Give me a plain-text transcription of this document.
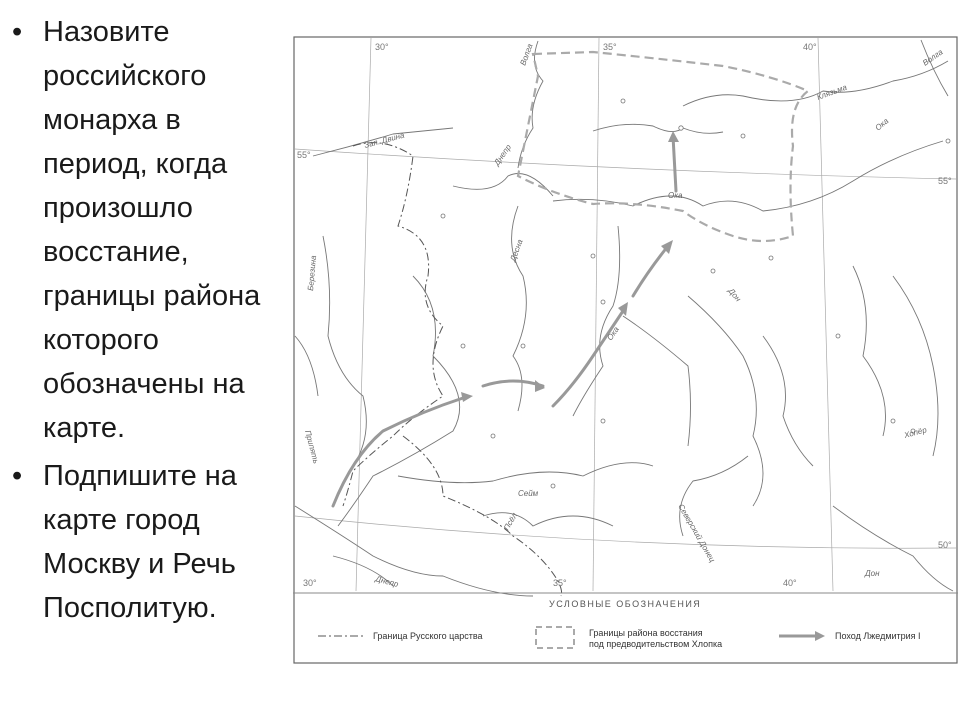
• Назовите российского монарха в период, когда произошло восстание, границы района которого обозначены на карте.
• Подпишите на карте город Москву и Речь Посполитую.
30°	35°	40°
30°	35°	40°
55°
55°
50°
Волга	Волга
Клязьма
Ока
Ока
Ока
Зап. Двина
Днепр
Десна
Березина
Припять
Днепр
Сейм
Псёл	Северский Донец
Дон
Хопёр
Дон
УСЛОВНЫЕ ОБОЗНАЧЕНИЯ
Граница Русского царства	Границы района восстания под предводительством Хлопка
Поход Лжедмитрия I
